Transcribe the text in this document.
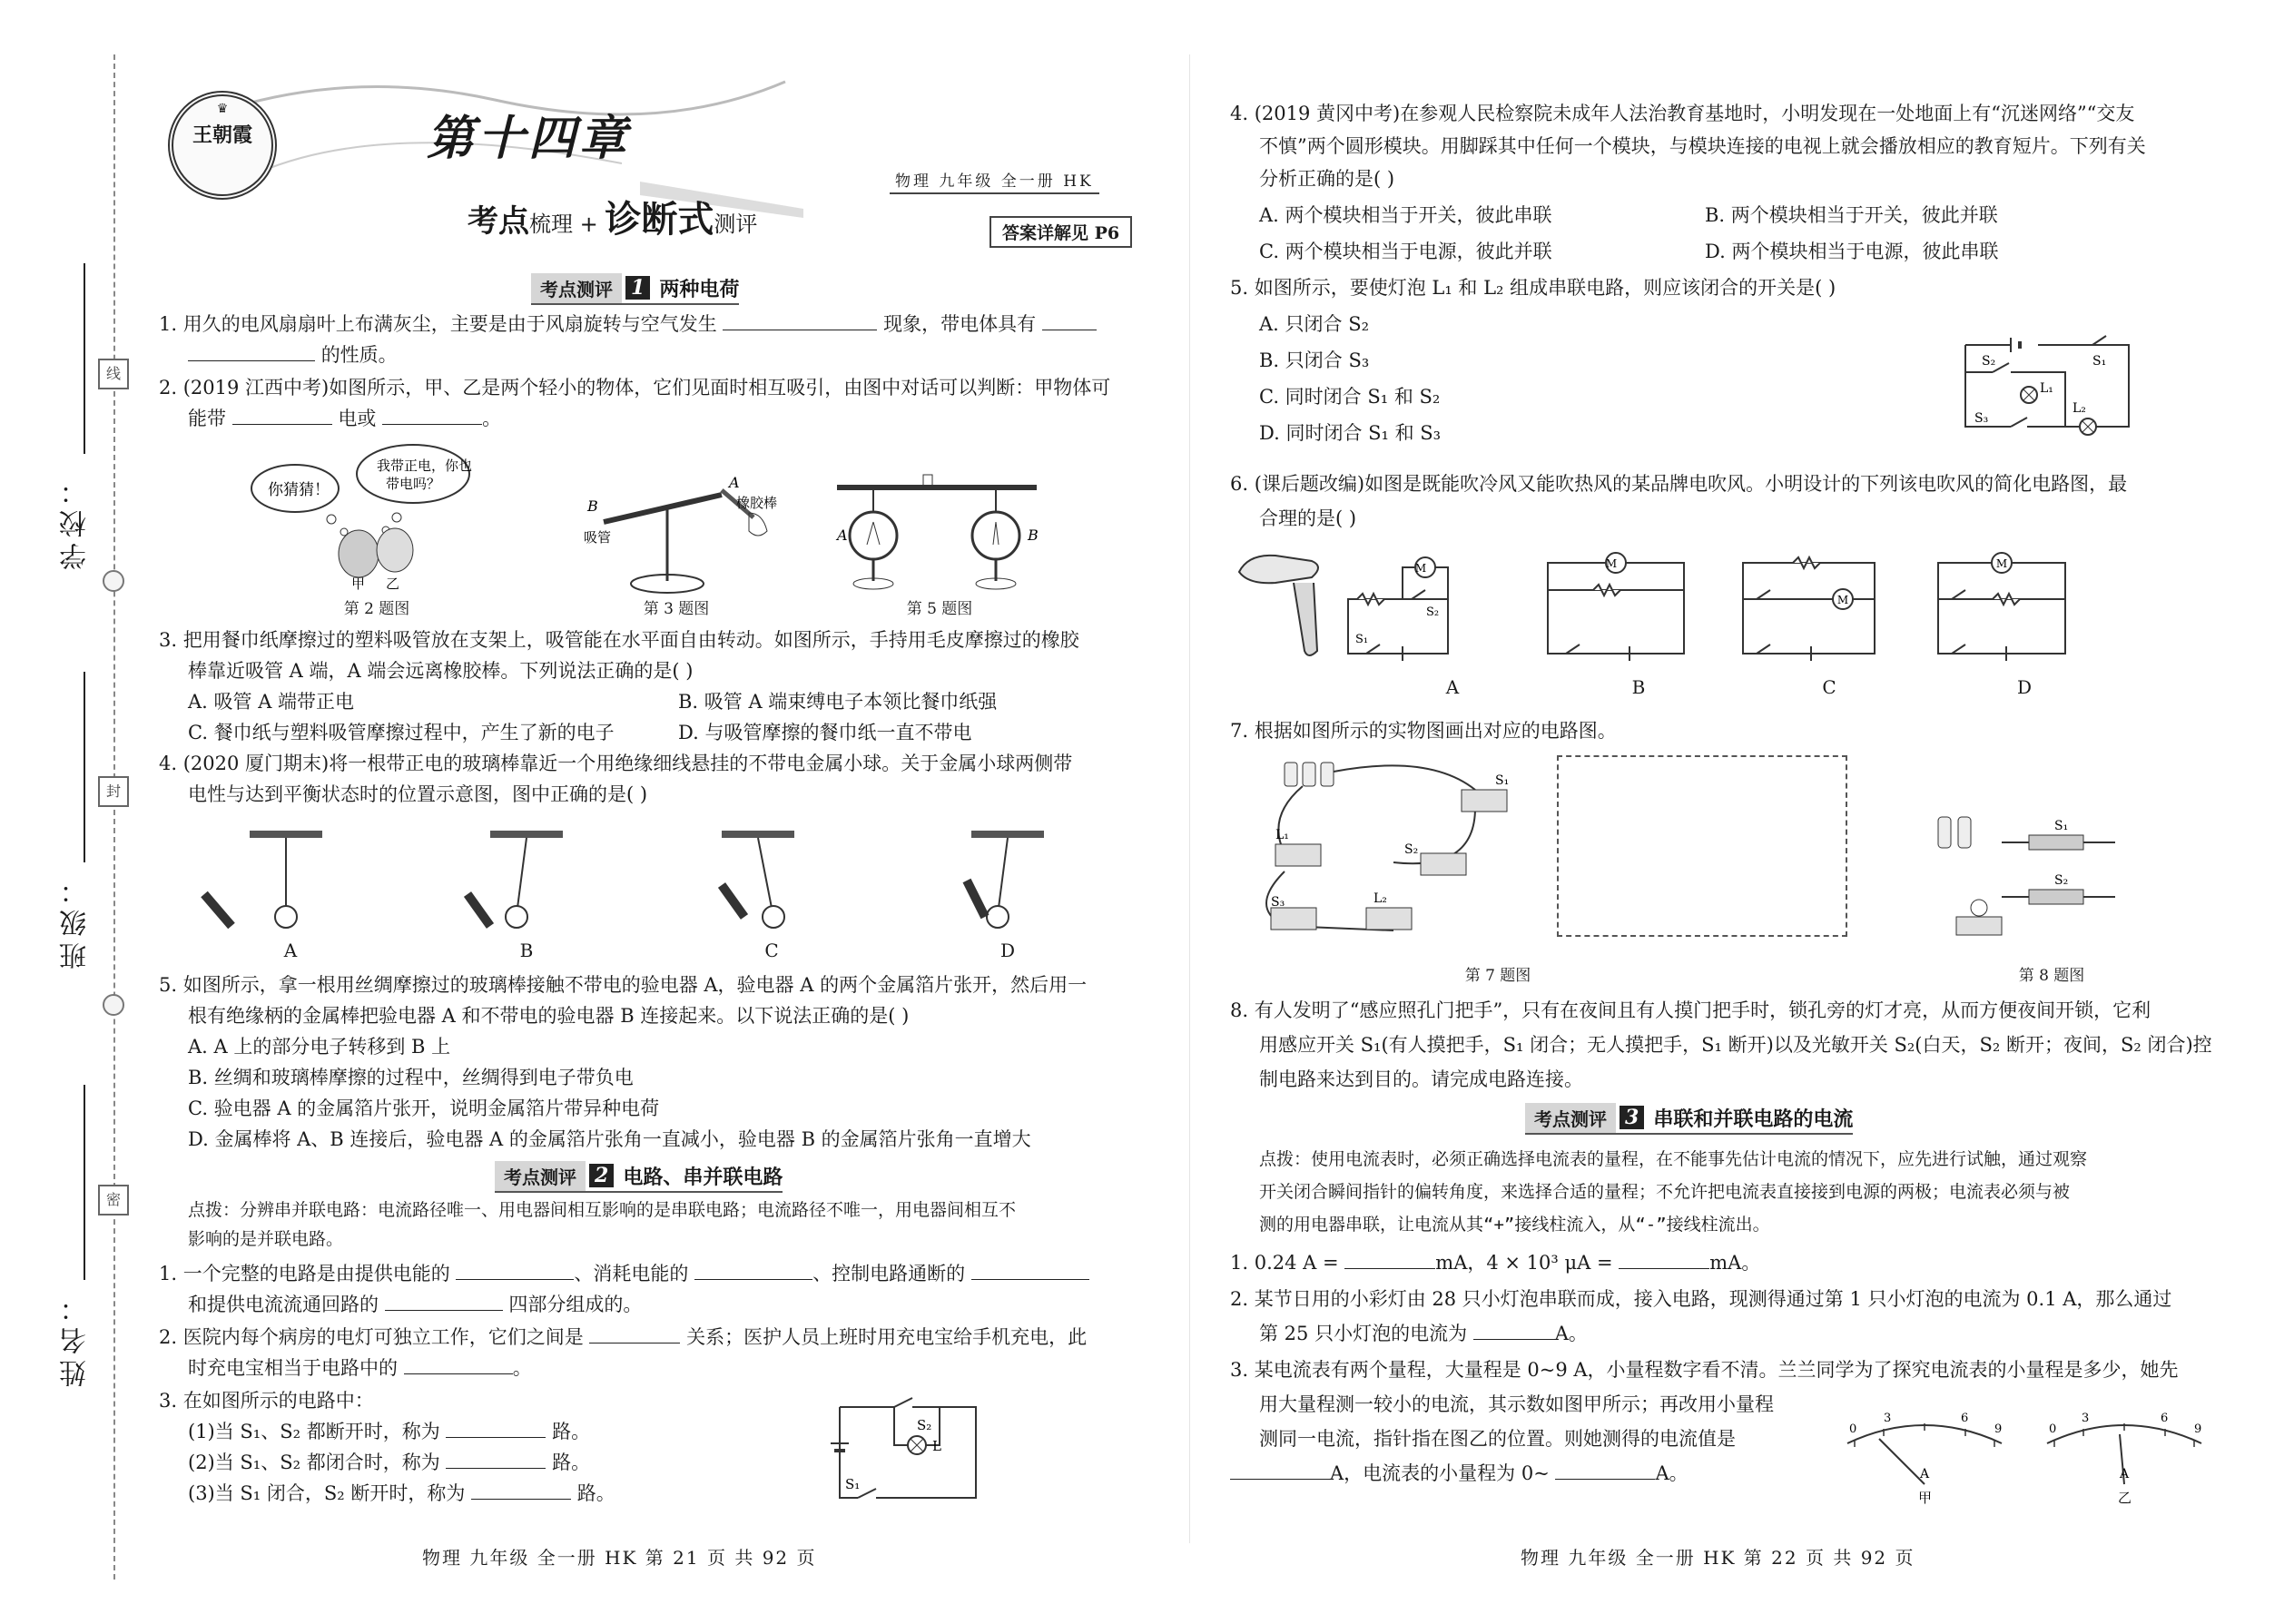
线
封
密
学校：
班级：
姓名：
♛
王朝霞	第十四章
考点梳理 + 诊断式测评
物理 九年级 全一册 HK
答案详解见 P6
考点测评 1 两种电荷
1. 用久的电风扇扇叶上布满灰尘，主要是由于风扇旋转与空气发生	现象，带电体具有
的性质。
2. (2019 江西中考)如图所示，甲、乙是两个轻小的物体，它们见面时相互吸引，由图中对话可以判断：甲物体可
能带	电或	。
你猜猜！
我带正电，你也
带电吗？
甲 乙
第 2 题图
B
A
吸管
橡胶棒
第 3 题图
A	B
第 5 题图
3. 把用餐巾纸摩擦过的塑料吸管放在支架上，吸管能在水平面自由转动。如图所示，手持用毛皮摩擦过的橡胶
棒靠近吸管 A 端，A 端会远离橡胶棒。下列说法正确的是( )
A. 吸管 A 端带正电	B. 吸管 A 端束缚电子本领比餐巾纸强
C. 餐巾纸与塑料吸管摩擦过程中，产生了新的电子	D. 与吸管摩擦的餐巾纸一直不带电
4. (2020 厦门期末)将一根带正电的玻璃棒靠近一个用绝缘细线悬挂的不带电金属小球。关于金属小球两侧带
电性与达到平衡状态时的位置示意图，图中正确的是( )
A	B	C	D
5. 如图所示，拿一根用丝绸摩擦过的玻璃棒接触不带电的验电器 A，验电器 A 的两个金属箔片张开，然后用一
根有绝缘柄的金属棒把验电器 A 和不带电的验电器 B 连接起来。以下说法正确的是( )
A. A 上的部分电子转移到 B 上
B. 丝绸和玻璃棒摩擦的过程中，丝绸得到电子带负电
C. 验电器 A 的金属箔片张开，说明金属箔片带异种电荷
D. 金属棒将 A、B 连接后，验电器 A 的金属箔片张角一直减小，验电器 B 的金属箔片张角一直增大
考点测评 2 电路、串并联电路
点拨：分辨串并联电路：电流路径唯一、用电器间相互影响的是串联电路；电流路径不唯一，用电器间相互不
影响的是并联电路。
1. 一个完整的电路是由提供电能的	、消耗电能的	、控制电路通断的
和提供电流流通回路的	四部分组成的。
2. 医院内每个病房的电灯可独立工作，它们之间是	关系；医护人员上班时用充电宝给手机充电，此
时充电宝相当于电路中的	。
3. 在如图所示的电路中：
(1)当 S₁、S₂ 都断开时，称为	路。
(2)当 S₁、S₂ 都闭合时，称为	路。
(3)当 S₁ 闭合，S₂ 断开时，称为	路。
S₂
L
S₁
物理 九年级 全一册 HK 第 21 页 共 92 页
4. (2019 黄冈中考)在参观人民检察院未成年人法治教育基地时，小明发现在一处地面上有“沉迷网络”“交友
不慎”两个圆形模块。用脚踩其中任何一个模块，与模块连接的电视上就会播放相应的教育短片。下列有关
分析正确的是( )
A. 两个模块相当于开关，彼此串联	B. 两个模块相当于开关，彼此并联
C. 两个模块相当于电源，彼此并联	D. 两个模块相当于电源，彼此串联
5. 如图所示，要使灯泡 L₁ 和 L₂ 组成串联电路，则应该闭合的开关是( )
A. 只闭合 S₂
B. 只闭合 S₃
C. 同时闭合 S₁ 和 S₂
D. 同时闭合 S₁ 和 S₃
S₂	S₁
S₃
L₁
L₂
6. (课后题改编)如图是既能吹冷风又能吹热风的某品牌电吹风。小明设计的下列该电吹风的简化电路图，最
合理的是( )
M	M
M
M
S₂
S₁
A	B	C	D
7. 根据如图所示的实物图画出对应的电路图。
S₁
L₁
L₂
S₂
S₃
S₁
S₂
第 7 题图	第 8 题图
8. 有人发明了“感应照孔门把手”，只有在夜间且有人摸门把手时，锁孔旁的灯才亮，从而方便夜间开锁，它利
用感应开关 S₁(有人摸把手，S₁ 闭合；无人摸把手，S₁ 断开)以及光敏开关 S₂(白天，S₂ 断开；夜间，S₂ 闭合)控
制电路来达到目的。请完成电路连接。
考点测评 3 串联和并联电路的电流
点拨：使用电流表时，必须正确选择电流表的量程，在不能事先估计电流的情况下，应先进行试触，通过观察
开关闭合瞬间指针的偏转角度，来选择合适的量程；不允许把电流表直接接到电源的两极；电流表必须与被
测的用电器串联，让电流从其“+”接线柱流入，从“-”接线柱流出。
1. 0.24 A =	mA，4 × 10³ μA =	mA。
2. 某节日用的小彩灯由 28 只小灯泡串联而成，接入电路，现测得通过第 1 只小灯泡的电流为 0.1 A，那么通过
第 25 只小灯泡的电流为	A。
3. 某电流表有两个量程，大量程是 0~9 A，小量程数字看不清。兰兰同学为了探究电流表的小量程是多少，她先
用大量程测一较小的电流，其示数如图甲所示；再改用小量程
测同一电流，指针指在图乙的位置。则她测得的电流值是
A，电流表的小量程为 0~	A。
0
3	6
9
A
甲
0
3	6
9
A
乙
物理 九年级 全一册 HK 第 22 页 共 92 页
